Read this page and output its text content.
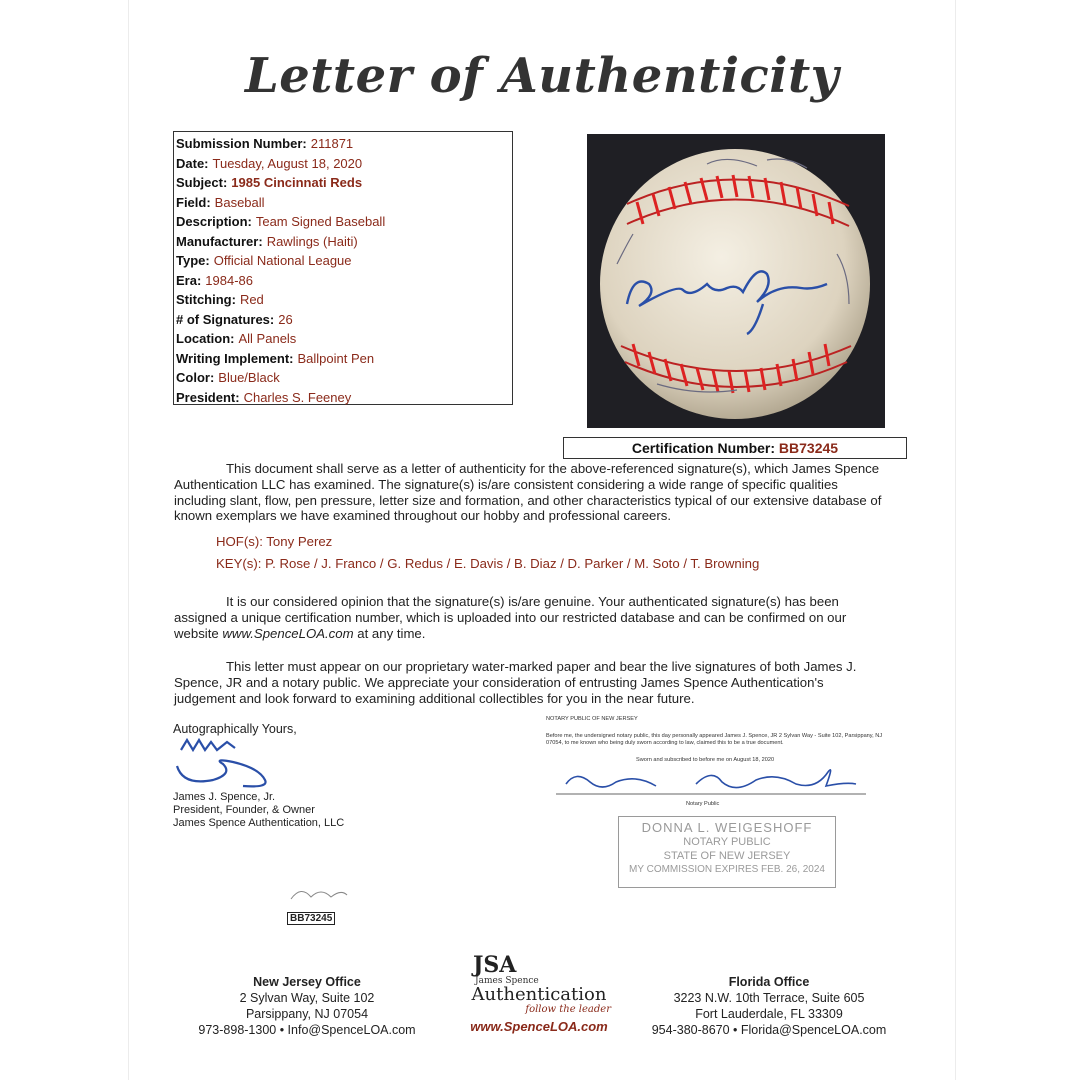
Letter of Authenticity
Submission Number: 211871
Date: Tuesday, August 18, 2020
Subject: 1985 Cincinnati Reds
Field: Baseball
Description: Team Signed Baseball
Manufacturer: Rawlings (Haiti)
Type: Official National League
Era: 1984-86
Stitching: Red
# of Signatures: 26
Location: All Panels
Writing Implement: Ballpoint Pen
Color: Blue/Black
President: Charles S. Feeney
Certification Number: BB73245
This document shall serve as a letter of authenticity for the above-referenced signature(s), which James Spence Authentication LLC has examined. The signature(s) is/are consistent considering a wide range of specific qualities including slant, flow, pen pressure, letter size and formation, and other characteristics typical of our extensive database of known exemplars we have examined throughout our hobby and professional careers.
HOF(s): Tony Perez
KEY(s): P. Rose / J. Franco / G. Redus / E. Davis / B. Diaz / D. Parker / M. Soto / T. Browning
It is our considered opinion that the signature(s) is/are genuine. Your authenticated signature(s) has been assigned a unique certification number, which is uploaded into our restricted database and can be confirmed on our website www.SpenceLOA.com at any time.
This letter must appear on our proprietary water-marked paper and bear the live signatures of both James J. Spence, JR and a notary public. We appreciate your consideration of entrusting James Spence Authentication's judgement and look forward to examining additional collectibles for you in the near future.
Autographically Yours,
James J. Spence, Jr.
President, Founder, & Owner
James Spence Authentication, LLC
NOTARY PUBLIC OF NEW JERSEY
Before me, the undersigned notary public, this day personally appeared James J. Spence, JR 2 Sylvan Way - Suite 102, Parsippany, NJ 07054, to me known who being duly sworn according to law, claimed this to be a true document.
Sworn and subscribed to before me on August 18, 2020
Notary Public
DONNA L. WEIGESHOFF
NOTARY PUBLIC
STATE OF NEW JERSEY
MY COMMISSION EXPIRES FEB. 26, 2024
BB73245
New Jersey Office
2 Sylvan Way, Suite 102
Parsippany, NJ 07054
973-898-1300 • Info@SpenceLOA.com
JSA
James Spence
Authentication
follow the leader
www.SpenceLOA.com
Florida Office
3223 N.W. 10th Terrace, Suite 605
Fort Lauderdale, FL 33309
954-380-8670 • Florida@SpenceLOA.com
